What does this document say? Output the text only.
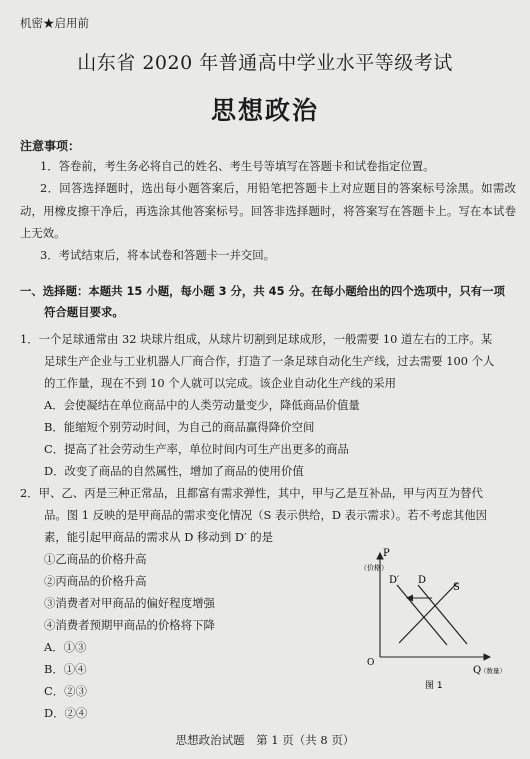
机密★启用前
山东省 2020 年普通高中学业水平等级考试
思想政治
注意事项：
1．答卷前，考生务必将自己的姓名、考生号等填写在答题卡和试卷指定位置。
2．回答选择题时，选出每小题答案后，用铅笔把答题卡上对应题目的答案标号涂黑。如需改动，用橡皮擦干净后，再选涂其他答案标号。回答非选择题时，将答案写在答题卡上。写在本试卷上无效。
3．考试结束后，将本试卷和答题卡一并交回。
一、选择题：本题共 15 小题，每小题 3 分，共 45 分。在每小题给出的四个选项中，只有一项
符合题目要求。
1．一个足球通常由 32 块球片组成，从球片切割到足球成形，一般需要 10 道左右的工序。某
足球生产企业与工业机器人厂商合作，打造了一条足球自动化生产线，过去需要 100 个人
的工作量，现在不到 10 个人就可以完成。该企业自动化生产线的采用
A．会使凝结在单位商品中的人类劳动量变少，降低商品价值量
B．能缩短个别劳动时间，为自己的商品赢得降价空间
C．提高了社会劳动生产率，单位时间内可生产出更多的商品
D．改变了商品的自然属性，增加了商品的使用价值
2．甲、乙、丙是三种正常品，且都富有需求弹性，其中，甲与乙是互补品，甲与丙互为替代
品。图 1 反映的是甲商品的需求变化情况（S 表示供给，D 表示需求）。若不考虑其他因
素，能引起甲商品的需求从 D 移动到 D′ 的是
①乙商品的价格升高
②丙商品的价格升高
③消费者对甲商品的偏好程度增强
④消费者预期甲商品的价格将下降
A．①③
B．①④
C．②③
D．②④
P
（价格）
O
Q
（数量）
D′ D
S
图 1
思想政治试题　第 1 页（共 8 页）
